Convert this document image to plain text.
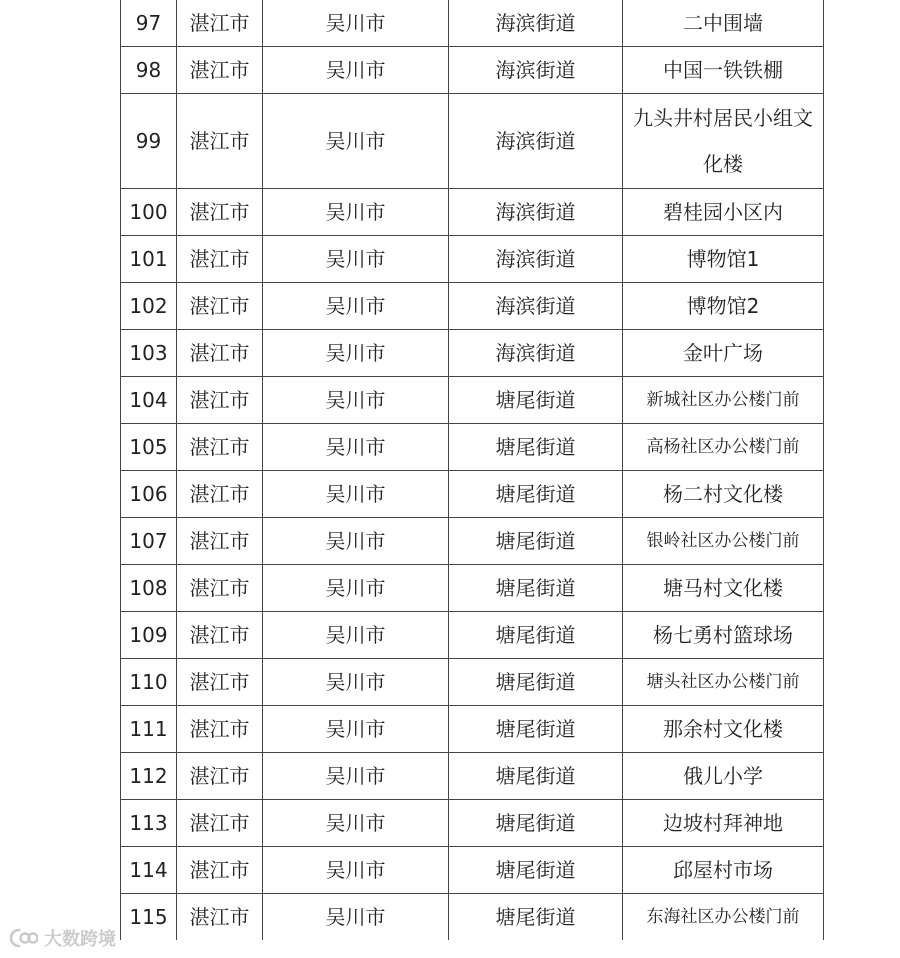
97	湛江市	吴川市	海滨街道	二中围墙
98	湛江市	吴川市	海滨街道	中国一铁铁棚
99	湛江市	吴川市	海滨街道	九头井村居民小组文化楼
100	湛江市	吴川市	海滨街道	碧桂园小区内
101	湛江市	吴川市	海滨街道	博物馆1
102	湛江市	吴川市	海滨街道	博物馆2
103	湛江市	吴川市	海滨街道	金叶广场
104	湛江市	吴川市	塘尾街道	新城社区办公楼门前
105	湛江市	吴川市	塘尾街道	高杨社区办公楼门前
106	湛江市	吴川市	塘尾街道	杨二村文化楼
107	湛江市	吴川市	塘尾街道	银岭社区办公楼门前
108	湛江市	吴川市	塘尾街道	塘马村文化楼
109	湛江市	吴川市	塘尾街道	杨七勇村篮球场
110	湛江市	吴川市	塘尾街道	塘头社区办公楼门前
111	湛江市	吴川市	塘尾街道	那余村文化楼
112	湛江市	吴川市	塘尾街道	俄儿小学
113	湛江市	吴川市	塘尾街道	边坡村拜神地
114	湛江市	吴川市	塘尾街道	邱屋村市场
115	湛江市	吴川市	塘尾街道	东海社区办公楼门前
大数跨境
